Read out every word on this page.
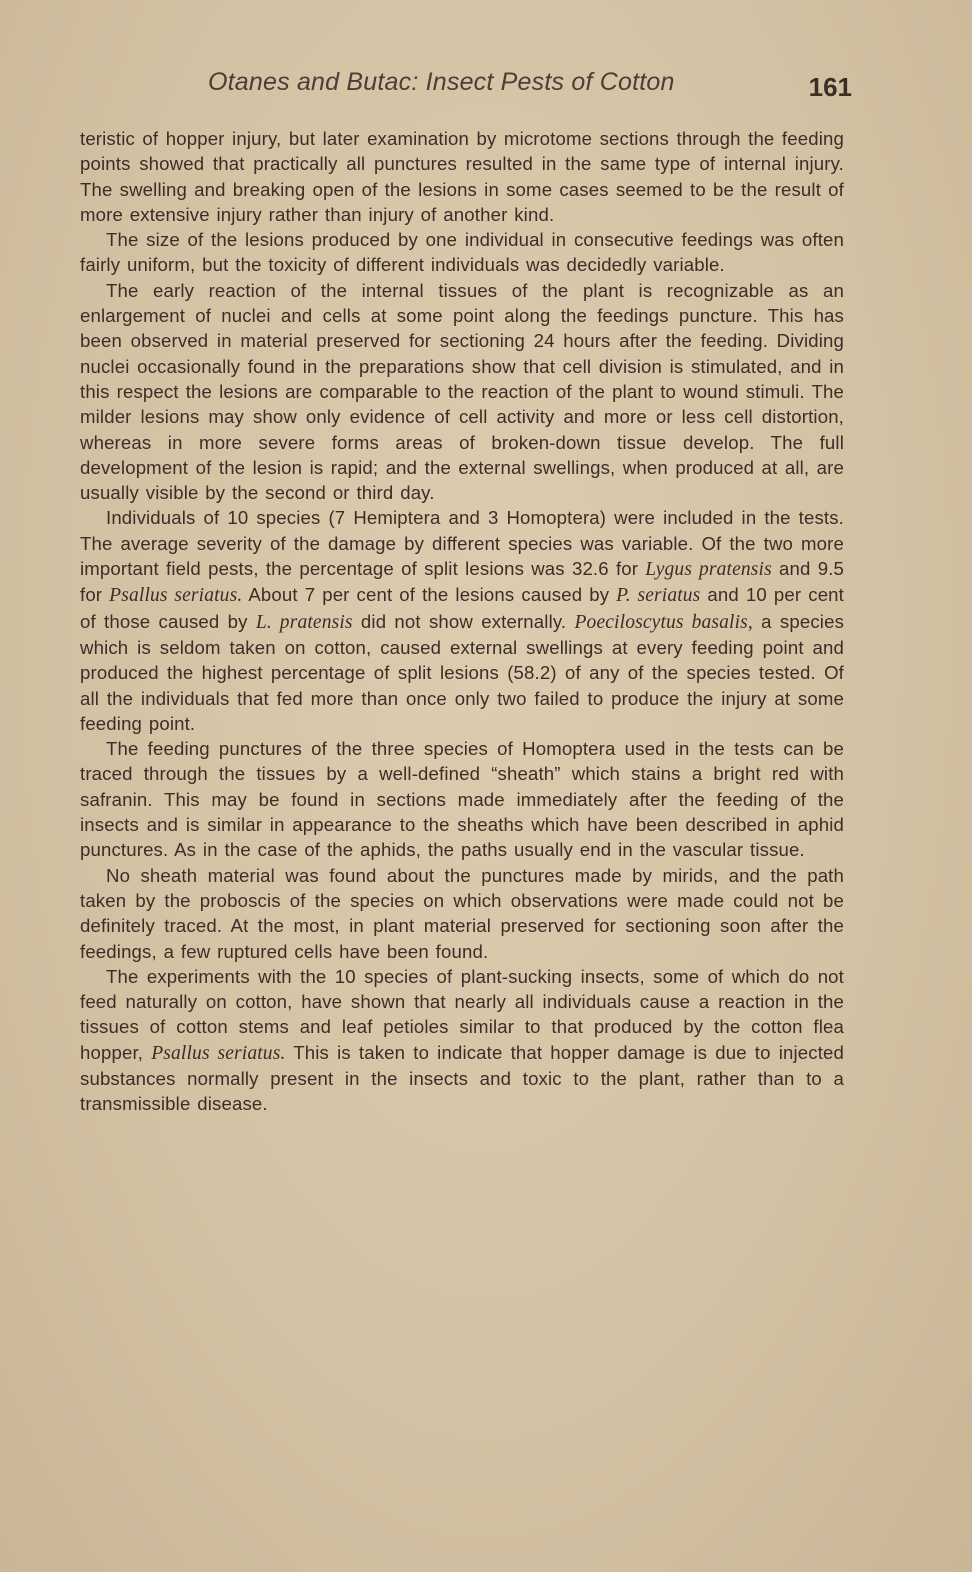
Otanes and Butac: Insect Pests of Cotton	161

teristic of hopper injury, but later examination by microtome sections through the feeding points showed that practically all punctures resulted in the same type of internal injury. The swelling and breaking open of the lesions in some cases seemed to be the result of more extensive injury rather than injury of another kind.

The size of the lesions produced by one individual in consecutive feedings was often fairly uniform, but the toxicity of different individuals was decidedly variable.

The early reaction of the internal tissues of the plant is recognizable as an enlargement of nuclei and cells at some point along the feedings puncture. This has been observed in material preserved for sectioning 24 hours after the feeding. Dividing nuclei occasionally found in the preparations show that cell division is stimulated, and in this respect the lesions are comparable to the reaction of the plant to wound stimuli. The milder lesions may show only evidence of cell activity and more or less cell distortion, whereas in more severe forms areas of broken-down tissue develop. The full development of the lesion is rapid; and the external swellings, when produced at all, are usually visible by the second or third day.

Individuals of 10 species (7 Hemiptera and 3 Homoptera) were included in the tests. The average severity of the damage by different species was variable. Of the two more important field pests, the percentage of split lesions was 32.6 for Lygus pratensis and 9.5 for Psallus seriatus. About 7 per cent of the lesions caused by P. seriatus and 10 per cent of those caused by L. pratensis did not show externally. Poeciloscytus basalis, a species which is seldom taken on cotton, caused external swellings at every feeding point and produced the highest percentage of split lesions (58.2) of any of the species tested. Of all the individuals that fed more than once only two failed to produce the injury at some feeding point.

The feeding punctures of the three species of Homoptera used in the tests can be traced through the tissues by a well-defined “sheath” which stains a bright red with safranin. This may be found in sections made immediately after the feeding of the insects and is similar in appearance to the sheaths which have been described in aphid punctures. As in the case of the aphids, the paths usually end in the vascular tissue.

No sheath material was found about the punctures made by mirids, and the path taken by the proboscis of the species on which observations were made could not be definitely traced. At the most, in plant material preserved for sectioning soon after the feedings, a few ruptured cells have been found.

The experiments with the 10 species of plant-sucking insects, some of which do not feed naturally on cotton, have shown that nearly all individuals cause a reaction in the tissues of cotton stems and leaf petioles similar to that produced by the cotton flea hopper, Psallus seriatus. This is taken to indicate that hopper damage is due to injected substances normally present in the insects and toxic to the plant, rather than to a transmissible disease.
